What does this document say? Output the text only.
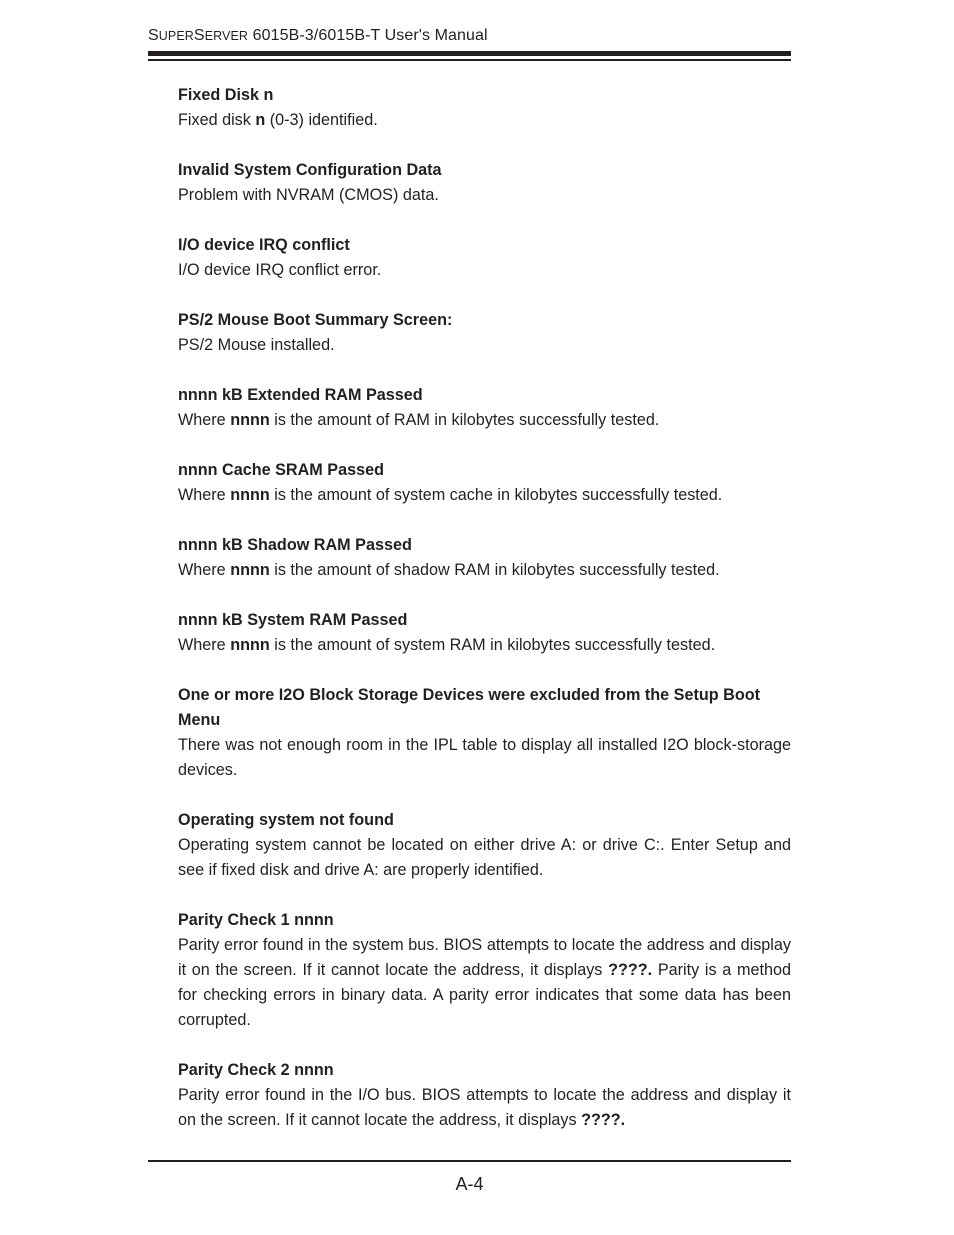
SUPERSERVER 6015B-3/6015B-T User's Manual

Fixed Disk n

Fixed disk n (0-3) identified.

Invalid System Configuration Data

Problem with NVRAM (CMOS) data.

I/O device IRQ conflict

I/O device IRQ conflict error.

PS/2 Mouse Boot Summary Screen:

PS/2 Mouse installed.

nnnn kB Extended RAM Passed

Where nnnn is the amount of RAM in kilobytes successfully tested.

nnnn Cache SRAM Passed

Where nnnn is the amount of system cache in kilobytes successfully tested.

nnnn kB Shadow RAM Passed

Where nnnn is the amount of shadow RAM in kilobytes successfully tested.

nnnn kB System RAM Passed

Where nnnn is the amount of system RAM in kilobytes successfully tested.

One or more I2O Block Storage Devices were excluded from the Setup Boot Menu

There was not enough room in the IPL table to display all installed I2O block-storage devices.

Operating system not found

Operating system cannot be located on either drive A: or drive C:. Enter Setup and see if fixed disk and drive A: are properly identified.

Parity Check 1 nnnn

Parity error found in the system bus. BIOS attempts to locate the address and display it on the screen. If it cannot locate the address, it displays ????. Parity is a method for checking errors in binary data. A parity error indicates that some data has been corrupted.

Parity Check 2 nnnn

Parity error found in the I/O bus. BIOS attempts to locate the address and display it on the screen. If it cannot locate the address, it displays ????.

A-4
